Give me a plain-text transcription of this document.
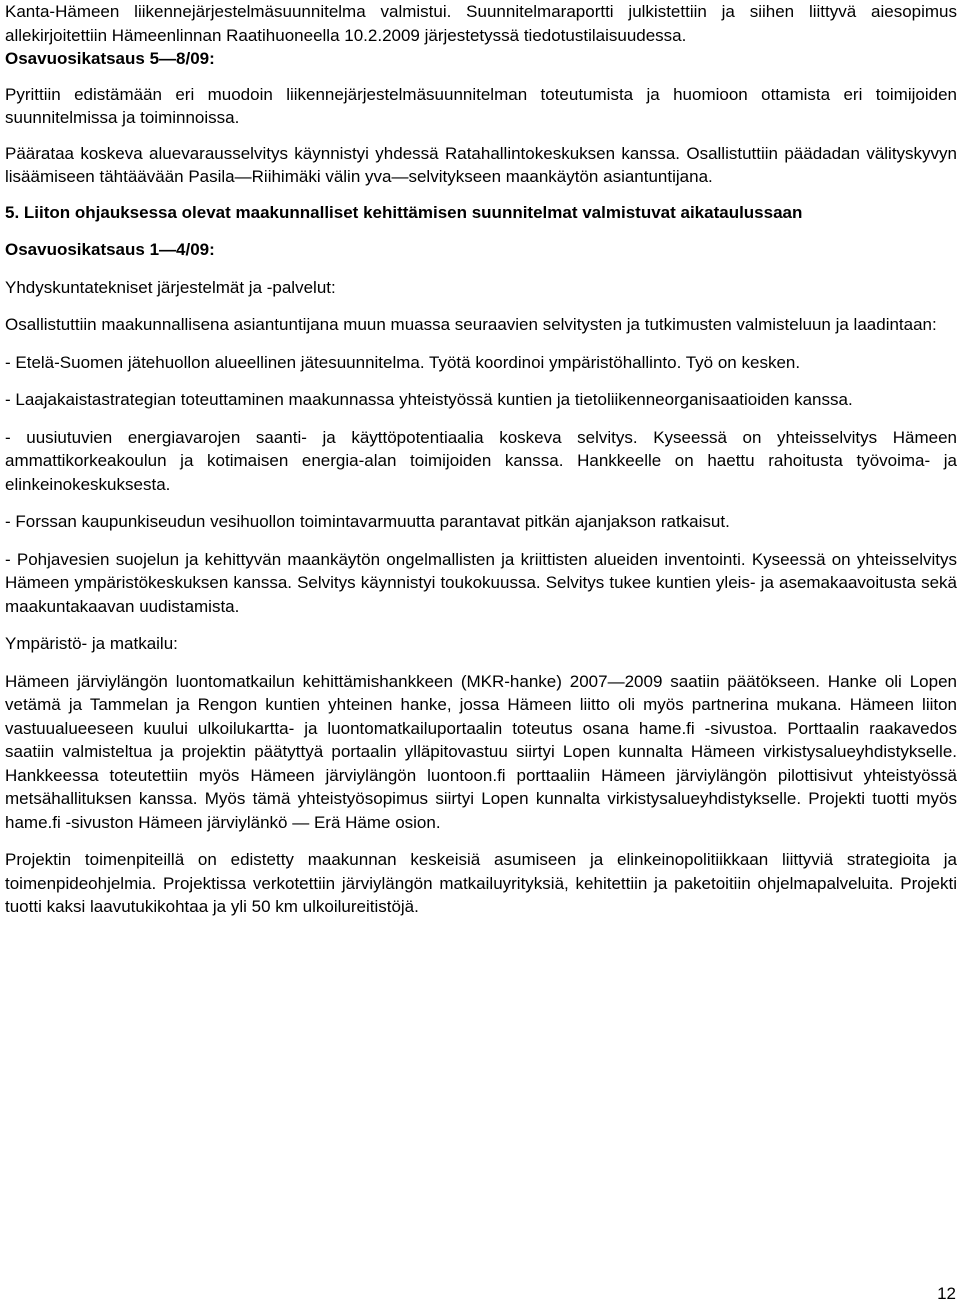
Kanta-Hämeen liikennejärjestelmäsuunnitelma valmistui. Suunnitelmaraportti julkistettiin ja siihen liittyvä aiesopimus allekirjoitettiin Hämeenlinnan Raatihuoneella 10.2.2009 järjestetyssä tiedotustilaisuudessa.

Osavuosikatsaus 5—8/09:

Pyrittiin edistämään eri muodoin liikennejärjestelmäsuunnitelman toteutumista ja huomioon ottamista eri toimijoiden suunnitelmissa ja toiminnoissa.

Pääratаa koskeva aluevarausselvitys käynnistyi yhdessä Ratahallintokeskuksen kanssa. Osallistuttiin päädadan välityskyvyn lisäämiseen tähtäävään Pasila—Riihimäki välin yva—selvitykseen maankäytön asiantuntijana.

5. Liiton ohjauksessa olevat maakunnalliset kehittämisen suunnitelmat valmistuvat aikataulussaan

Osavuosikatsaus 1—4/09:

Yhdyskuntatekniset järjestelmät ja -palvelut:

Osallistuttiin maakunnallisena asiantuntijana muun muassa seuraavien selvitysten ja tutkimusten valmisteluun ja laadintaan:

- Etelä-Suomen jätehuollon alueellinen jätesuunnitelma. Työtä koordinoi ympäristöhallinto. Työ on kesken.

- Laajakaistastrategian toteuttaminen maakunnassa yhteistyössä kuntien ja tietoliikenneorganisaatioiden kanssa.

- uusiutuvien energiavarojen saanti- ja käyttöpotentiaalia koskeva selvitys. Kyseessä on yhteisselvitys Hämeen ammattikorkeakoulun ja kotimaisen energia-alan toimijoiden kanssa. Hankkeelle on haettu rahoitusta työvoima- ja elinkeinokeskuksesta.

- Forssan kaupunkiseudun vesihuollon toimintavarmuutta parantavat pitkän ajanjakson ratkaisut.

- Pohjavesien suojelun ja kehittyvän maankäytön ongelmallisten ja kriittisten alueiden inventointi. Kyseessä on yhteisselvitys Hämeen ympäristökeskuksen kanssa. Selvitys käynnistyi toukokuussa. Selvitys tukee kuntien yleis- ja asemakaavoitusta sekä maakuntakaavan uudistamista.

Ympäristö- ja matkailu:

Hämeen järviylängön luontomatkailun kehittämishankkeen (MKR-hanke) 2007—2009 saatiin päätökseen. Hanke oli Lopen vetämä ja Tammelan ja Rengon kuntien yhteinen hanke, jossa Hämeen liitto oli myös partnerina mukana. Hämeen liiton vastuualueeseen kuului ulkoilukartta- ja luontomatkailuportaalin toteutus osana hame.fi -sivustoa. Porttaalin raakavedos saatiin valmisteltua ja projektin päätyttyä portaalin ylläpitovastuu siirtyi Lopen kunnalta Hämeen virkistysalueyhdistykselle. Hankkeessa toteutettiin myös Hämeen järviylängön luontoon.fi porttaaliin Hämeen järviylängön pilottisivut yhteistyössä metsähallituksen kanssa. Myös tämä yhteistyösopimus siirtyi Lopen kunnalta virkistysalueyhdistykselle. Projekti tuotti myös hame.fi -sivuston Hämeen järviylänkö — Erä Häme osion.

Projektin toimenpiteillä on edistetty maakunnan keskeisiä asumiseen ja elinkeinopolitiikkaan liittyviä strategioita ja toimenpideohjelmia. Projektissa verkotettiin järviylängön matkailuyrityksiä, kehitettiin ja paketoitiin ohjelmapalveluita. Projekti tuotti kaksi laavutukikohtaa ja yli 50 km ulkoilureitistöjä.

12
